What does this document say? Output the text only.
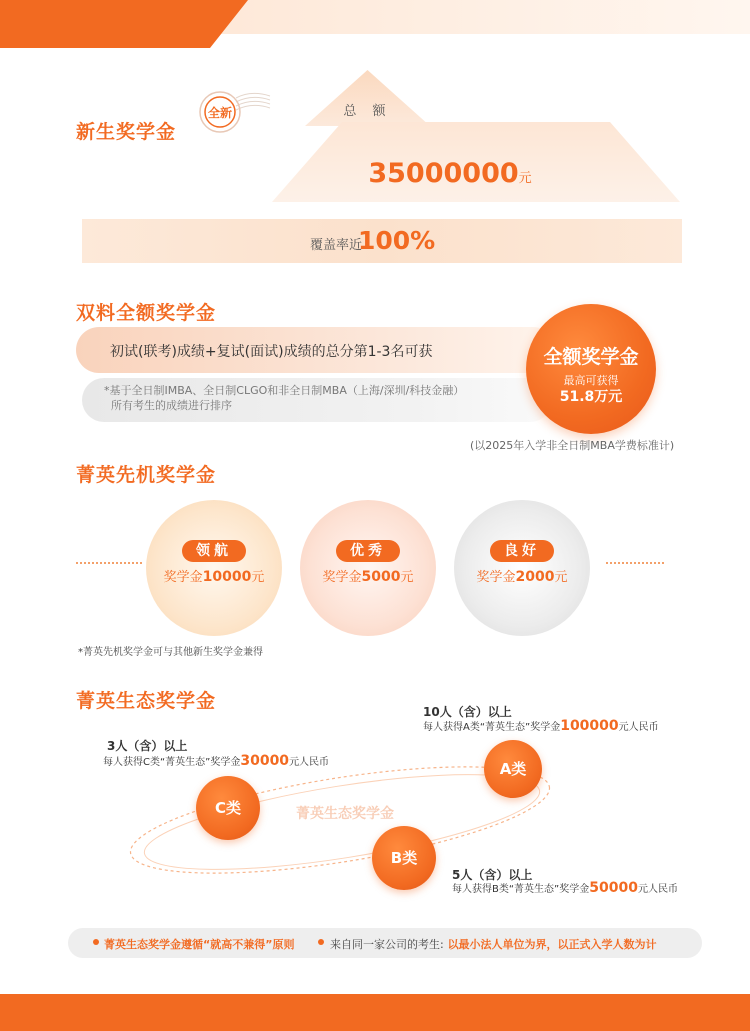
新生奖学金
全新	总 额
35000000元
覆盖率近
100%
双料全额奖学金
初试(联考)成绩+复试(面试)成绩的总分第1-3名可获
*基于全日制IMBA、全日制CLGO和非全日制MBA（上海/深圳/科技金融）
所有考生的成绩进行排序
全额奖学金
最高可获得
51.8万元
(以2025年入学非全日制MBA学费标准计)
菁英先机奖学金
领航
奖学金10000元
优秀
奖学金5000元
良好
奖学金2000元
*菁英先机奖学金可与其他新生奖学金兼得
菁英生态奖学金
菁英生态奖学金
A类
C类
B类
10人（含）以上
每人获得A类“菁英生态”奖学金100000元人民币
3人（含）以上
每人获得C类“菁英生态”奖学金30000元人民币
5人（含）以上
每人获得B类“菁英生态”奖学金50000元人民币
菁英生态奖学金遵循“就高不兼得”原则	来自同一家公司的考生: 以最小法人单位为界，以正式入学人数为计
